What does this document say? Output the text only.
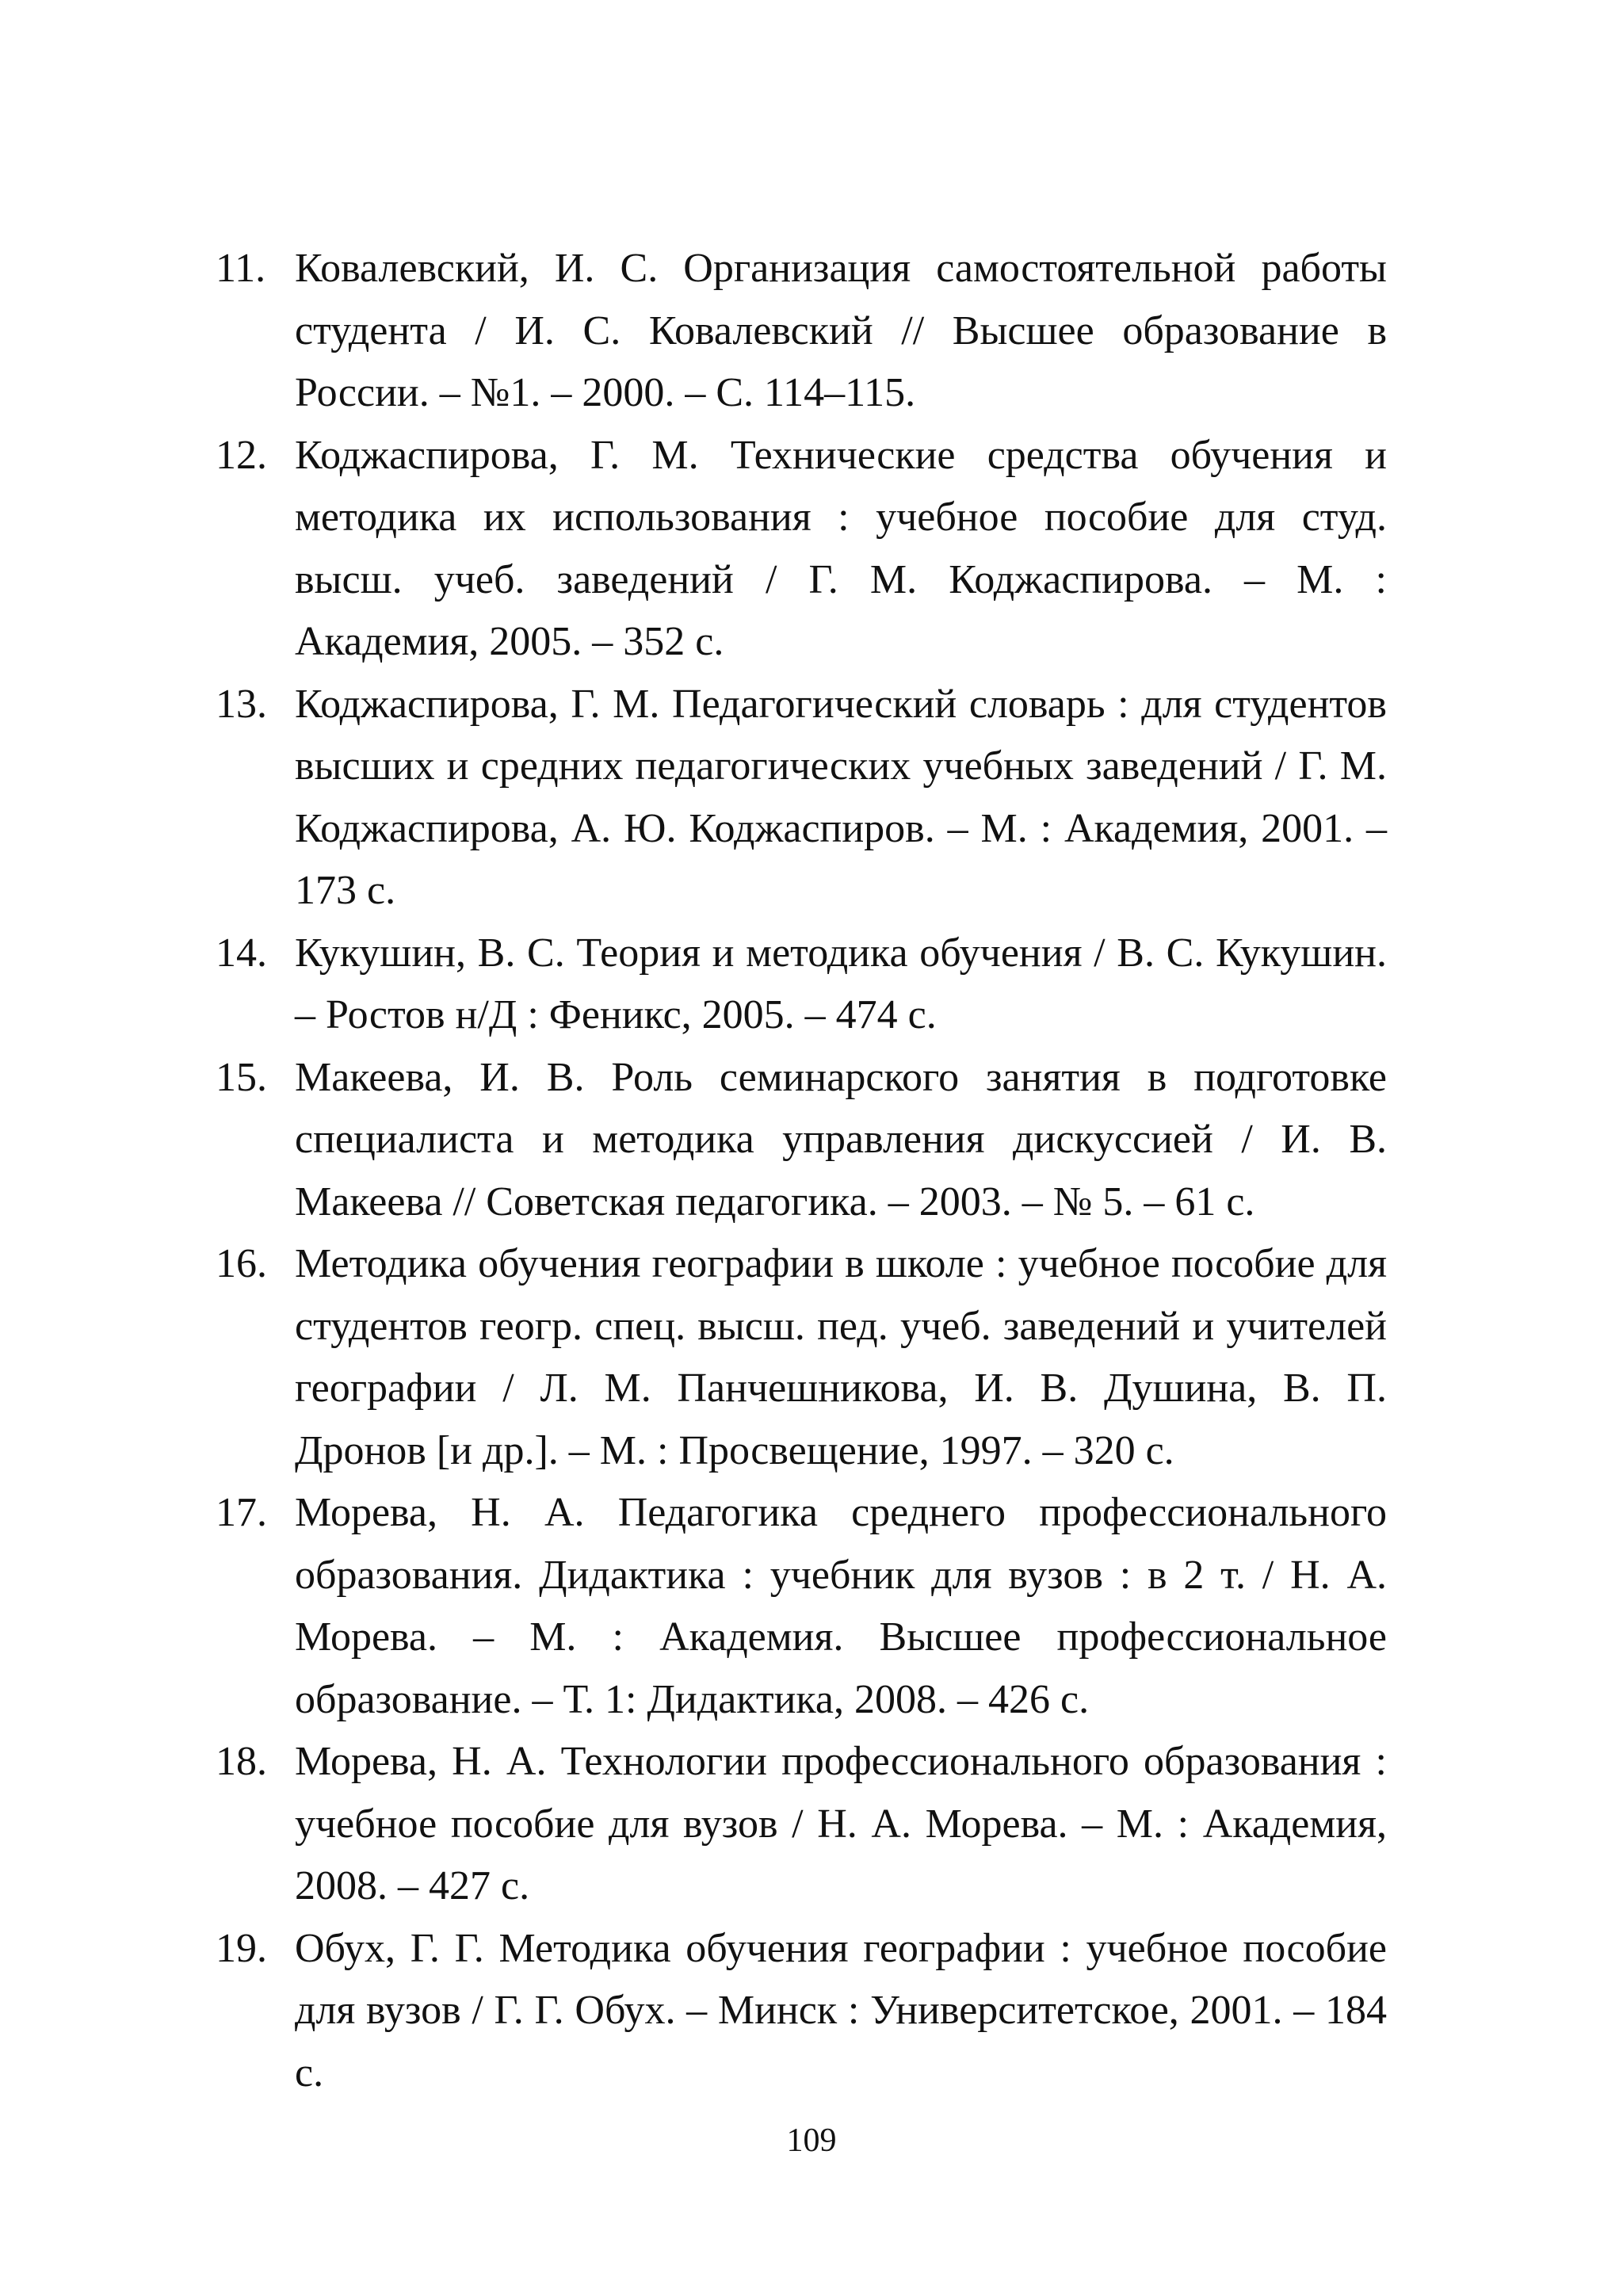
11. Ковалевский, И. С. Организация самостоятельной работы студента / И. С. Ковалевский // Высшее образование в России. – №1. – 2000. – С. 114–115.
12. Коджаспирова, Г. М. Технические средства обучения и методика их использования : учебное пособие для студ. высш. учеб. заведений / Г. М. Коджаспирова. – М. : Академия, 2005. – 352 с.
13. Коджаспирова, Г. М. Педагогический словарь : для студентов высших и средних педагогических учебных заведений / Г. М. Коджаспирова, А. Ю. Коджаспиров. – М. : Академия, 2001. – 173 с.
14. Кукушин, В. С. Теория и методика обучения / В. С. Кукушин. – Ростов н/Д : Феникс, 2005. – 474 с.
15. Макеева, И. В. Роль семинарского занятия в подготовке специалиста и методика управления дискуссией / И. В. Макеева // Советская педагогика. – 2003. – № 5. – 61 с.
16. Методика обучения географии в школе : учебное пособие для студентов геогр. спец. высш. пед. учеб. заведений и учителей географии / Л. М. Панчешникова, И. В. Душина, В. П. Дронов [и др.]. – М. : Просвещение, 1997. – 320 с.
17. Морева, Н. А. Педагогика среднего профессионального образования. Дидактика : учебник для вузов : в 2 т. / Н. А. Морева. – М. : Академия. Высшее профессиональное образование. – Т. 1: Дидактика, 2008. – 426 с.
18. Морева, Н. А. Технологии профессионального образования : учебное пособие для вузов / Н. А. Морева. – М. : Академия, 2008. – 427 с.
19. Обух, Г. Г. Методика обучения географии : учебное пособие для вузов / Г. Г. Обух. – Минск : Университетское, 2001. – 184 с.
109
